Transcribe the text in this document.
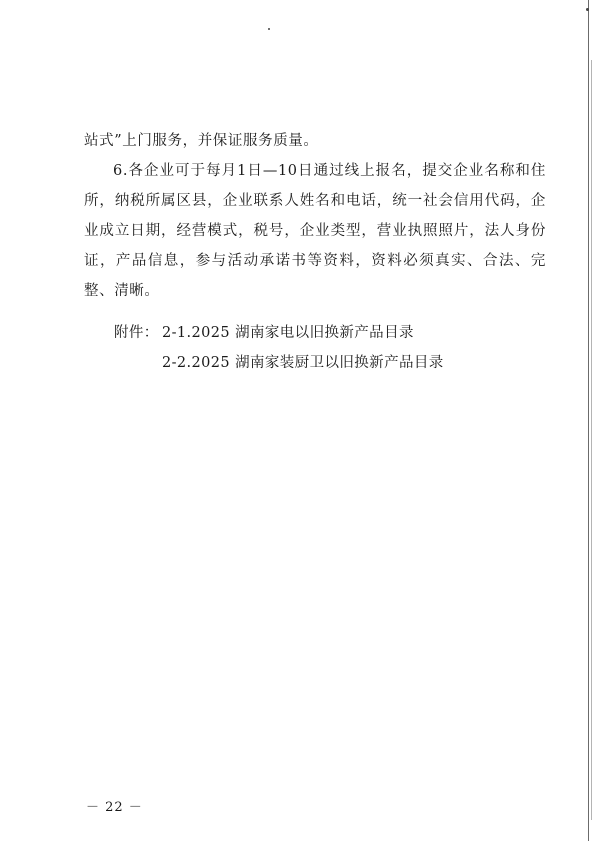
站式”上门服务，并保证服务质量。
6.各企业可于每月1日—10日通过线上报名，提交企业名称和住所，纳税所属区县，企业联系人姓名和电话，统一社会信用代码，企业成立日期，经营模式，税号，企业类型，营业执照照片，法人身份证，产品信息，参与活动承诺书等资料，资料必须真实、合法、完整、清晰。
附件： 2-1.2025 湖南家电以旧换新产品目录
2-2.2025 湖南家装厨卫以旧换新产品目录
－ 22 －
